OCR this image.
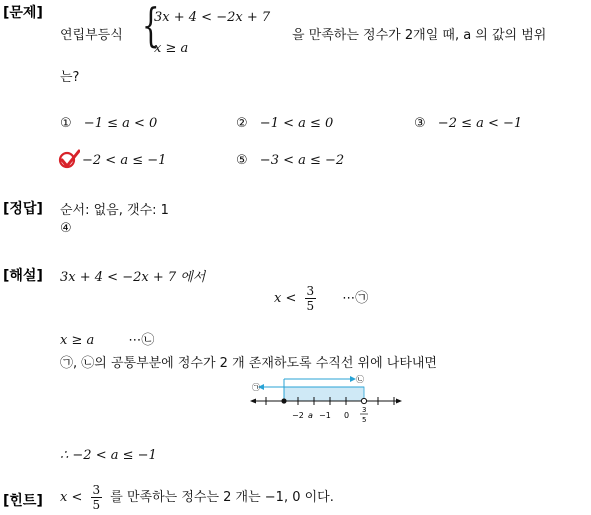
[문제]
연립부등식 {
3x + 4 < −2x + 7
x ≥ a
을 만족하는 정수가 2개일 때, a 의 값의 범위
는?
① −1 ≤ a < 0	② −1 < a ≤ 0	③ −2 ≤ a < −1
−2 < a ≤ −1	⑤ −3 < a ≤ −2
[정답] 순서: 없음, 갯수: 1
④
[해설] 3x + 4 < −2x + 7 에서
$x < \frac{3}{5}$ ⋯㉠
x ≥ a	⋯㉡
㉠, ㉡의 공통부분에 정수가 2 개 존재하도록 수직선 위에 나타내면
㉠
㉡
−2 a −1 0
3
5
∴ −2 < a ≤ −1
[힌트] $x < \frac{3}{5}$ 를 만족하는 정수는 2 개는 −1, 0 이다.
